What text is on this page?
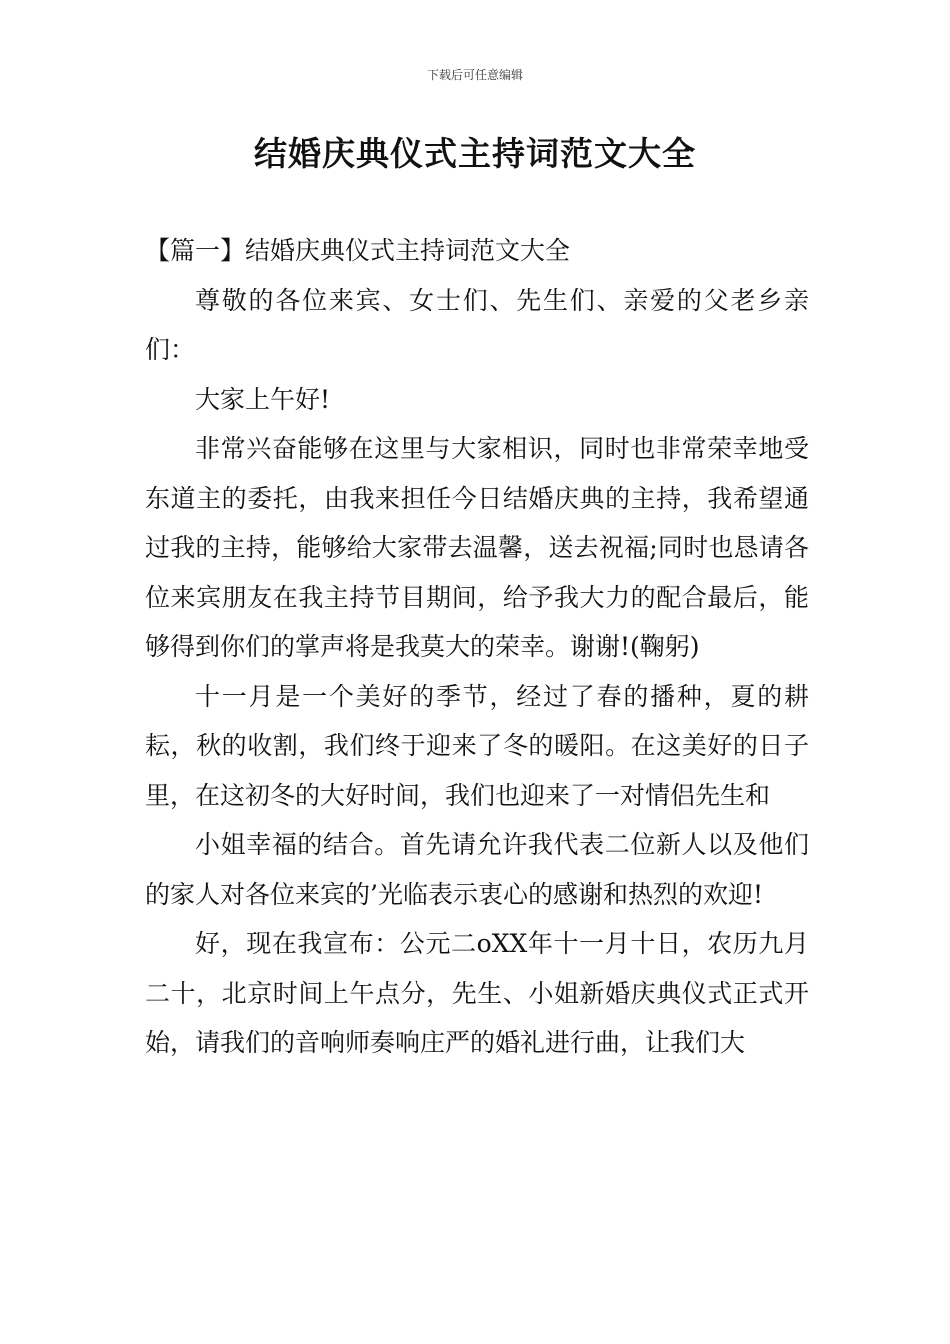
下载后可任意编辑
结婚庆典仪式主持词范文大全

【篇一】结婚庆典仪式主持词范文大全

尊敬的各位来宾、女士们、先生们、亲爱的父老乡亲们：

大家上午好!

非常兴奋能够在这里与大家相识，同时也非常荣幸地受东道主的委托，由我来担任今日结婚庆典的主持，我希望通过我的主持，能够给大家带去温馨，送去祝福;同时也恳请各位来宾朋友在我主持节目期间，给予我大力的配合最后，能够得到你们的掌声将是我莫大的荣幸。谢谢!(鞠躬)

十一月是一个美好的季节，经过了春的播种，夏的耕耘，秋的收割，我们终于迎来了冬的暖阳。在这美好的日子里，在这初冬的大好时间，我们也迎来了一对情侣先生和

小姐幸福的结合。首先请允许我代表二位新人以及他们的家人对各位来宾的’光临表示衷心的感谢和热烈的欢迎!

好，现在我宣布：公元二oXX年十一月十日，农历九月二十，北京时间上午点分，先生、小姐新婚庆典仪式正式开始，请我们的音响师奏响庄严的婚礼进行曲，让我们大
